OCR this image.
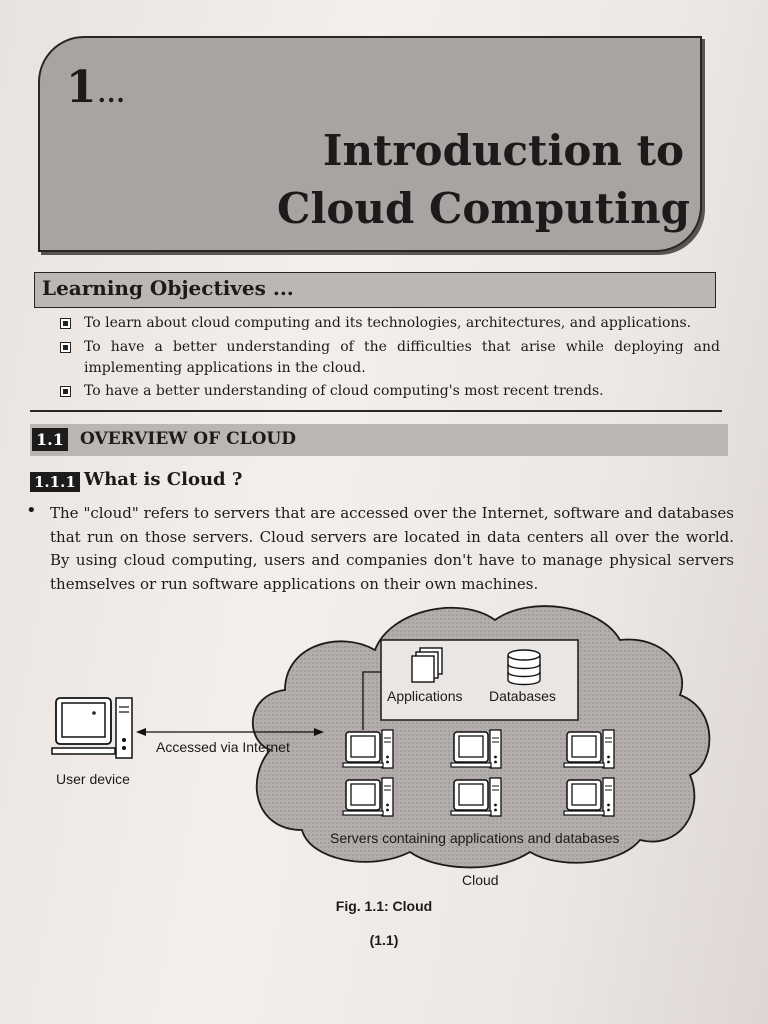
1...
Introduction to
Cloud Computing
Learning Objectives ...
To learn about cloud computing and its technologies, architectures, and applications.
To have a better understanding of the difficulties that arise while deploying and implementing applications in the cloud.
To have a better understanding of cloud computing's most recent trends.
1.1 OVERVIEW OF CLOUD
1.1.1 What is Cloud ?
• The "cloud" refers to servers that are accessed over the Internet, software and databases that run on those servers. Cloud servers are located in data centers all over the world. By using cloud computing, users and companies don't have to manage physical servers themselves or run software applications on their own machines.
Applications Databases
Servers containing applications and databases
Cloud
User device
Accessed via Internet
Fig. 1.1: Cloud
(1.1)
